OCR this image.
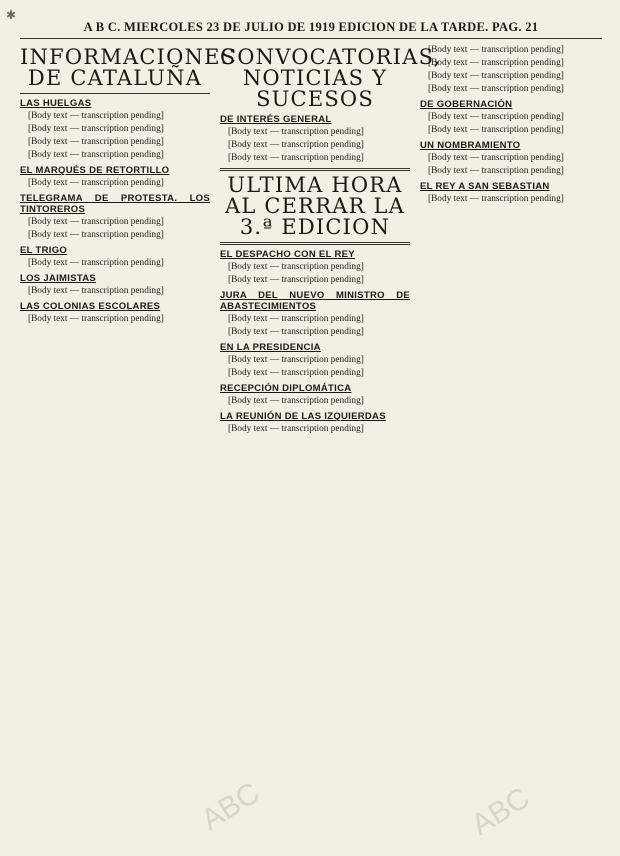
✱
A B C. MIERCOLES 23 DE JULIO DE 1919 EDICION DE LA TARDE. PAG. 21
INFORMACIONES DE CATALUÑA
LAS HUELGAS

[Body text — transcription pending]

[Body text — transcription pending]

[Body text — transcription pending]

[Body text — transcription pending]

EL MARQUÉS DE RETORTILLO

[Body text — transcription pending]

TELEGRAMA DE PROTESTA. LOS TINTOREROS

[Body text — transcription pending]

[Body text — transcription pending]

EL TRIGO

[Body text — transcription pending]

LOS JAIMISTAS

[Body text — transcription pending]

LAS COLONIAS ESCOLARES

[Body text — transcription pending]

CONVOCATORIAS, NOTICIAS Y SUCESOS
DE INTERÉS GENERAL

[Body text — transcription pending]

[Body text — transcription pending]

[Body text — transcription pending]

ULTIMA HORA AL CERRAR LA 3.ª EDICION
EL DESPACHO CON EL REY

[Body text — transcription pending]

[Body text — transcription pending]

JURA DEL NUEVO MINISTRO DE ABASTECIMIENTOS

[Body text — transcription pending]

[Body text — transcription pending]

EN LA PRESIDENCIA

[Body text — transcription pending]

[Body text — transcription pending]

RECEPCIÓN DIPLOMÁTICA

[Body text — transcription pending]

LA REUNIÓN DE LAS IZQUIERDAS

[Body text — transcription pending]

[Body text — transcription pending]

[Body text — transcription pending]

[Body text — transcription pending]

[Body text — transcription pending]

DE GOBERNACIÓN

[Body text — transcription pending]

[Body text — transcription pending]

UN NOMBRAMIENTO

[Body text — transcription pending]

[Body text — transcription pending]

EL REY A SAN SEBASTIAN

[Body text — transcription pending]

ABC	ABC
